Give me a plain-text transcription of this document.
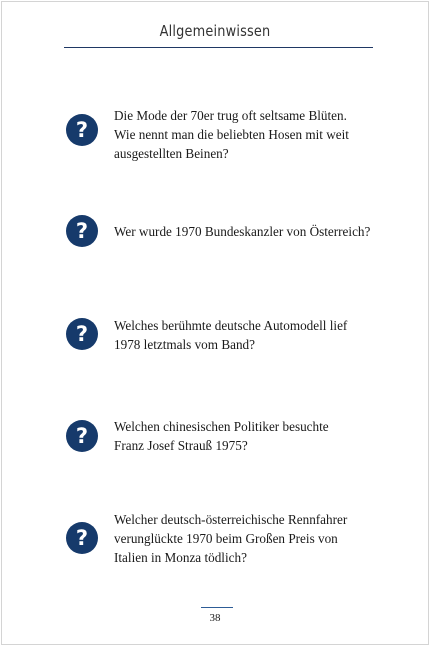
Allgemeinwissen
?
Die Mode der 70er trug oft seltsame Blüten.
Wie nennt man die beliebten Hosen mit weit
ausgestellten Beinen?
?	Wer wurde 1970 Bundeskanzler von Österreich?
?	Welches berühmte deutsche Automodell lief
1978 letztmals vom Band?
?	Welchen chinesischen Politiker besuchte
Franz Josef Strauß 1975?
?
Welcher deutsch-österreichische Rennfahrer
verunglückte 1970 beim Großen Preis von
Italien in Monza tödlich?
38
